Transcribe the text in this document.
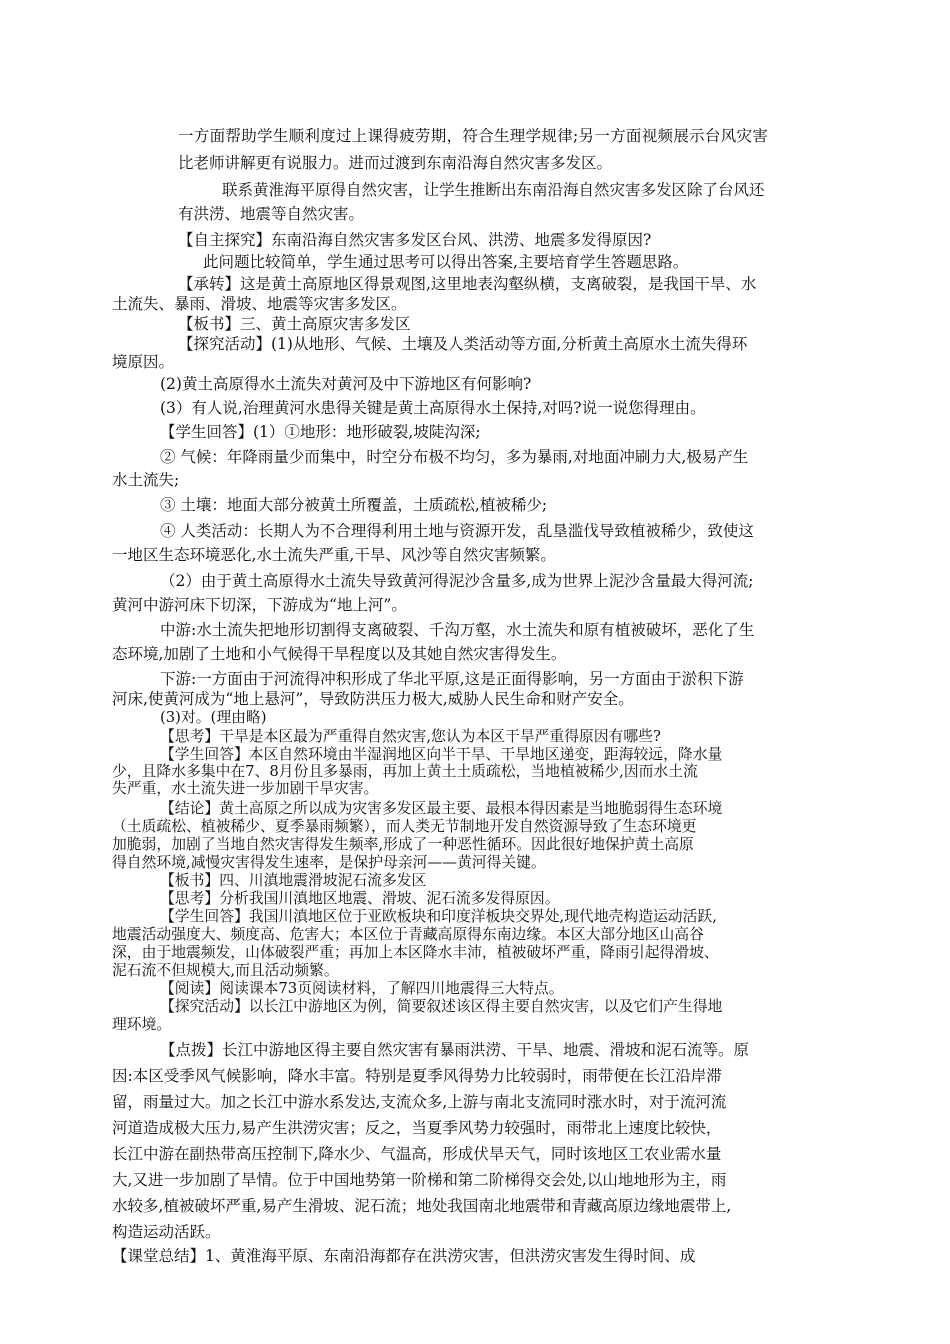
一方面帮助学生顺利度过上课得疲劳期，符合生理学规律;另一方面视频展示台风灾害
比老师讲解更有说服力。进而过渡到东南沿海自然灾害多发区。
联系黄淮海平原得自然灾害，让学生推断出东南沿海自然灾害多发区除了台风还
有洪涝、地震等自然灾害。
【自主探究】东南沿海自然灾害多发区台风、洪涝、地震多发得原因?
此问题比较简单，学生通过思考可以得出答案,主要培育学生答题思路。
【承转】这是黄土高原地区得景观图,这里地表沟壑纵横，支离破裂，是我国干旱、水
土流失、暴雨、滑坡、地震等灾害多发区。
【板书】三、黄土高原灾害多发区
【探究活动】(1)从地形、气候、土壤及人类活动等方面,分析黄土高原水土流失得环
境原因。
(2)黄土高原得水土流失对黄河及中下游地区有何影响?
(3）有人说,治理黄河水患得关键是黄土高原得水土保持,对吗?说一说您得理由。
【学生回答】(1）①地形：地形破裂,坡陡沟深;
② 气候：年降雨量少而集中，时空分布极不均匀，多为暴雨,对地面冲刷力大,极易产生
水土流失;
③ 土壤：地面大部分被黄土所覆盖，土质疏松,植被稀少;
④ 人类活动：长期人为不合理得利用土地与资源开发，乱垦滥伐导致植被稀少，致使这
一地区生态环境恶化,水土流失严重,干旱、风沙等自然灾害频繁。
（2）由于黄土高原得水土流失导致黄河得泥沙含量多,成为世界上泥沙含量最大得河流;
黄河中游河床下切深，下游成为“地上河”。
中游:水土流失把地形切割得支离破裂、千沟万壑，水土流失和原有植被破坏，恶化了生
态环境,加剧了土地和小气候得干旱程度以及其她自然灾害得发生。
下游:一方面由于河流得冲积形成了华北平原,这是正面得影响，另一方面由于淤积下游
河床,使黄河成为“地上悬河”，导致防洪压力极大,威胁人民生命和财产安全。
(3)对。(理由略)
【思考】干旱是本区最为严重得自然灾害,您认为本区干旱严重得原因有哪些?
【学生回答】本区自然环境由半湿润地区向半干旱、干旱地区递变，距海较远，降水量
少，且降水多集中在7、8月份且多暴雨，再加上黄土土质疏松，当地植被稀少,因而水土流
失严重，水土流失进一步加剧干旱灾害。
【结论】黄土高原之所以成为灾害多发区最主要、最根本得因素是当地脆弱得生态环境
（土质疏松、植被稀少、夏季暴雨频繁），而人类无节制地开发自然资源导致了生态环境更
加脆弱，加剧了当地自然灾害得发生频率,形成了一种恶性循环。因此很好地保护黄土高原
得自然环境,减慢灾害得发生速率，是保护母亲河——黄河得关键。
【板书】四、川滇地震滑坡泥石流多发区
【思考】分析我国川滇地区地震、滑坡、泥石流多发得原因。
【学生回答】我国川滇地区位于亚欧板块和印度洋板块交界处,现代地壳构造运动活跃,
地震活动强度大、频度高、危害大；本区位于青藏高原得东南边缘。本区大部分地区山高谷
深，由于地震频发，山体破裂严重；再加上本区降水丰沛，植被破坏严重，降雨引起得滑坡、
泥石流不但规模大,而且活动频繁。
【阅读】阅读课本73页阅读材料，了解四川地震得三大特点。
【探究活动】以长江中游地区为例，简要叙述该区得主要自然灾害，以及它们产生得地
理环境。
【点拨】长江中游地区得主要自然灾害有暴雨洪涝、干旱、地震、滑坡和泥石流等。原
因:本区受季风气候影响，降水丰富。特别是夏季风得势力比较弱时，雨带便在长江沿岸滞
留，雨量过大。加之长江中游水系发达,支流众多,上游与南北支流同时涨水时，对于流河流
河道造成极大压力,易产生洪涝灾害；反之，当夏季风势力较强时，雨带北上速度比较快，
长江中游在副热带高压控制下,降水少、气温高，形成伏旱天气，同时该地区工农业需水量
大,又进一步加剧了旱情。位于中国地势第一阶梯和第二阶梯得交会处,以山地地形为主，雨
水较多,植被破坏严重,易产生滑坡、泥石流；地处我国南北地震带和青藏高原边缘地震带上,
构造运动活跃。
【课堂总结】1、黄淮海平原、东南沿海都存在洪涝灾害，但洪涝灾害发生得时间、成
